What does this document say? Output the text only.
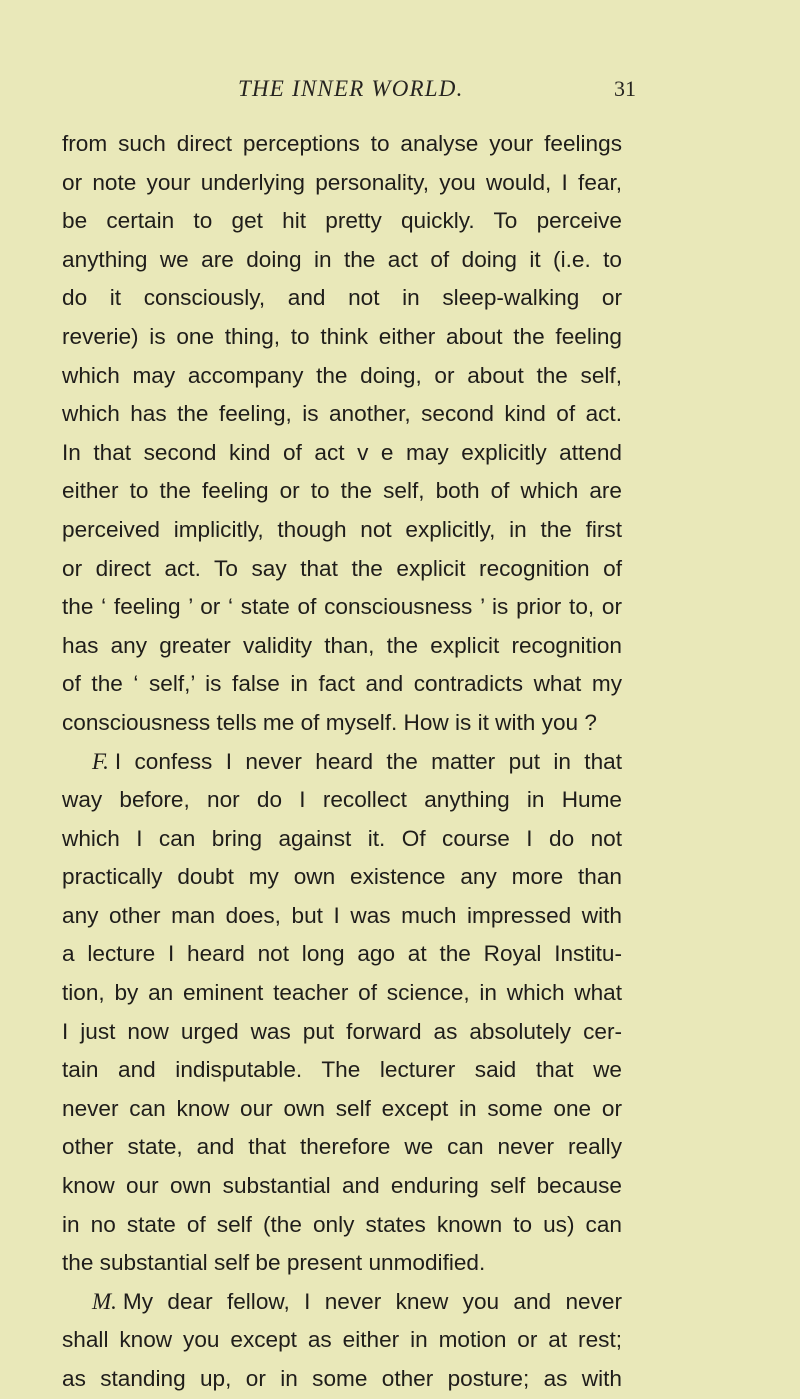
THE INNER WORLD.	31
from such direct perceptions to analyse your feelings
or note your underlying personality, you would, I fear,
be certain to get hit pretty quickly. To perceive
anything we are doing in the act of doing it (i.e. to
do it consciously, and not in sleep-walking or
reverie) is one thing, to think either about the feeling
which may accompany the doing, or about the self,
which has the feeling, is another, second kind of act.
In that second kind of act v e may explicitly attend
either to the feeling or to the self, both of which are
perceived implicitly, though not explicitly, in the first
or direct act. To say that the explicit recognition of
the ‘ feeling ’ or ‘ state of consciousness ’ is prior to, or
has any greater validity than, the explicit recognition
of the ‘ self,’ is false in fact and contradicts what my
consciousness tells me of myself. How is it with you ?
F. I confess I never heard the matter put in that
way before, nor do I recollect anything in Hume
which I can bring against it. Of course I do not
practically doubt my own existence any more than
any other man does, but I was much impressed with
a lecture I heard not long ago at the Royal Institu-
tion, by an eminent teacher of science, in which what
I just now urged was put forward as absolutely cer-
tain and indisputable. The lecturer said that we
never can know our own self except in some one or
other state, and that therefore we can never really
know our own substantial and enduring self because
in no state of self (the only states known to us) can
the substantial self be present unmodified.
M. My dear fellow, I never knew you and never
shall know you except as either in motion or at rest;
as standing up, or in some other posture; as with
